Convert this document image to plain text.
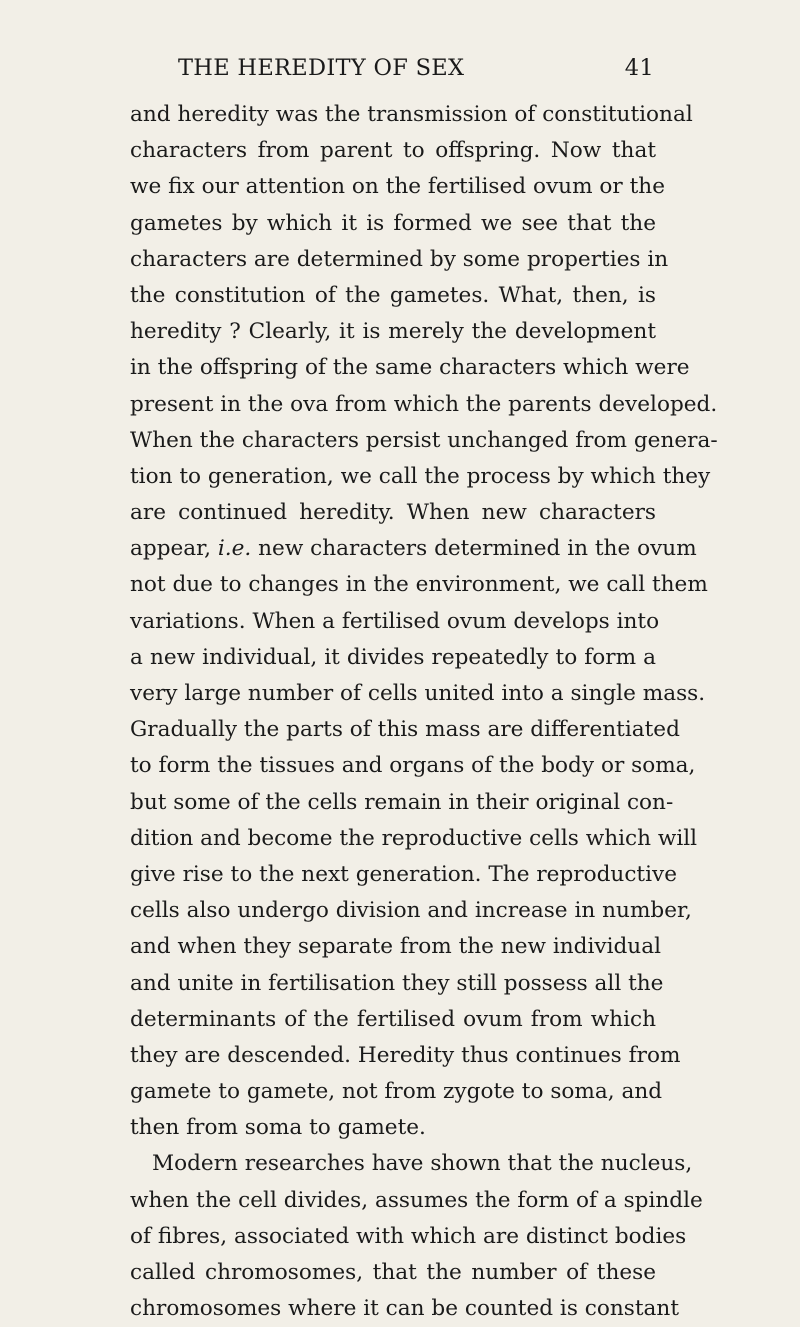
THE HEREDITY OF SEX	41
and heredity was the transmission of constitutional
characters from parent to offspring. Now that
we fix our attention on the fertilised ovum or the
gametes by which it is formed we see that the
characters are determined by some properties in
the constitution of the gametes. What, then, is
heredity ? Clearly, it is merely the development
in the offspring of the same characters which were
present in the ova from which the parents developed.
When the characters persist unchanged from genera-
tion to generation, we call the process by which they
are continued heredity. When new characters
appear, i.e. new characters determined in the ovum
not due to changes in the environment, we call them
variations. When a fertilised ovum develops into
a new individual, it divides repeatedly to form a
very large number of cells united into a single mass.
Gradually the parts of this mass are differentiated
to form the tissues and organs of the body or soma,
but some of the cells remain in their original con-
dition and become the reproductive cells which will
give rise to the next generation. The reproductive
cells also undergo division and increase in number,
and when they separate from the new individual
and unite in fertilisation they still possess all the
determinants of the fertilised ovum from which
they are descended. Heredity thus continues from
gamete to gamete, not from zygote to soma, and
then from soma to gamete.
Modern researches have shown that the nucleus,
when the cell divides, assumes the form of a spindle
of fibres, associated with which are distinct bodies
called chromosomes, that the number of these
chromosomes where it can be counted is constant
